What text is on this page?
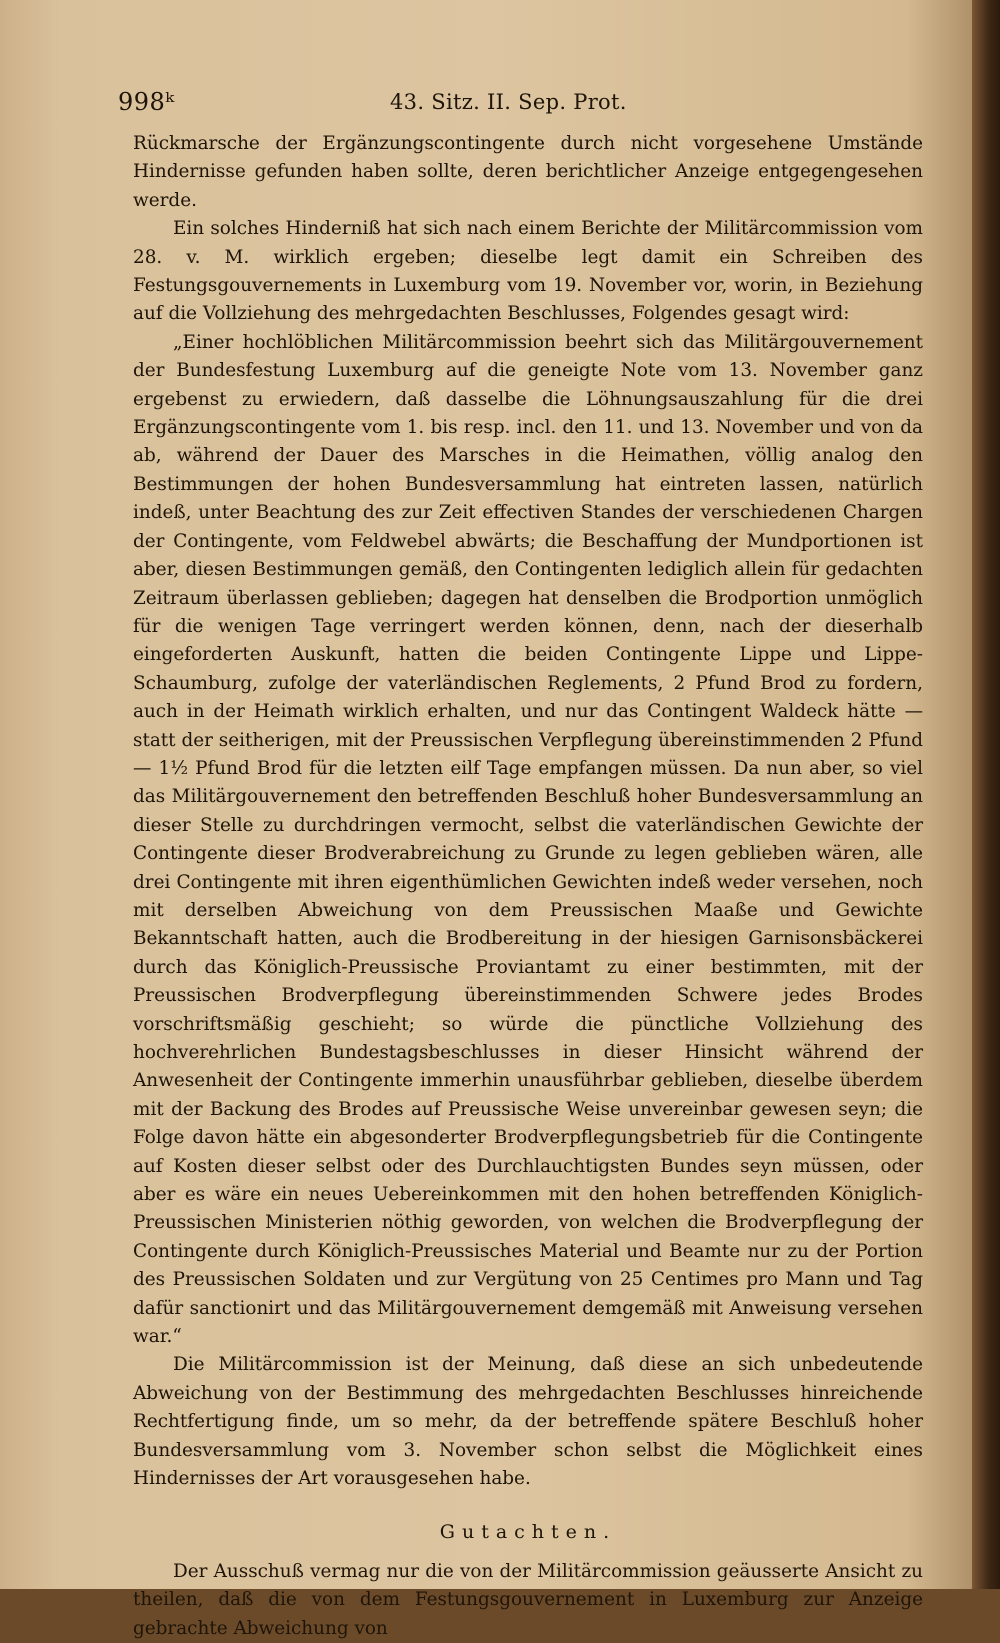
998ᵏ	43. Sitz. II. Sep. Prot.

Rückmarsche der Ergänzungscontingente durch nicht vorgesehene Umstände Hindernisse gefunden haben sollte, deren berichtlicher Anzeige entgegengesehen werde.

Ein solches Hinderniß hat sich nach einem Berichte der Militärcommission vom 28. v. M. wirklich ergeben; dieselbe legt damit ein Schreiben des Festungsgouvernements in Luxemburg vom 19. November vor, worin, in Beziehung auf die Vollziehung des mehrgedachten Beschlusses, Folgendes gesagt wird:

„Einer hochlöblichen Militärcommission beehrt sich das Militärgouvernement der Bundesfestung Luxemburg auf die geneigte Note vom 13. November ganz ergebenst zu erwiedern, daß dasselbe die Löhnungsauszahlung für die drei Ergänzungscontingente vom 1. bis resp. incl. den 11. und 13. November und von da ab, während der Dauer des Marsches in die Heimathen, völlig analog den Bestimmungen der hohen Bundesversammlung hat eintreten lassen, natürlich indeß, unter Beachtung des zur Zeit effectiven Standes der verschiedenen Chargen der Contingente, vom Feldwebel abwärts; die Beschaffung der Mundportionen ist aber, diesen Bestimmungen gemäß, den Contingenten lediglich allein für gedachten Zeitraum überlassen geblieben; dagegen hat denselben die Brodportion unmöglich für die wenigen Tage verringert werden können, denn, nach der dieserhalb eingeforderten Auskunft, hatten die beiden Contingente Lippe und Lippe-Schaumburg, zufolge der vaterländischen Reglements, 2 Pfund Brod zu fordern, auch in der Heimath wirklich erhalten, und nur das Contingent Waldeck hätte — statt der seitherigen, mit der Preussischen Verpflegung übereinstimmenden 2 Pfund — 1½ Pfund Brod für die letzten eilf Tage empfangen müssen. Da nun aber, so viel das Militärgouvernement den betreffenden Beschluß hoher Bundesversammlung an dieser Stelle zu durchdringen vermocht, selbst die vaterländischen Gewichte der Contingente dieser Brodverabreichung zu Grunde zu legen geblieben wären, alle drei Contingente mit ihren eigenthümlichen Gewichten indeß weder versehen, noch mit derselben Abweichung von dem Preussischen Maaße und Gewichte Bekanntschaft hatten, auch die Brodbereitung in der hiesigen Garnisonsbäckerei durch das Königlich-Preussische Proviantamt zu einer bestimmten, mit der Preussischen Brodverpflegung übereinstimmenden Schwere jedes Brodes vorschriftsmäßig geschieht; so würde die pünctliche Vollziehung des hochverehrlichen Bundestagsbeschlusses in dieser Hinsicht während der Anwesenheit der Contingente immerhin unausführbar geblieben, dieselbe überdem mit der Backung des Brodes auf Preussische Weise unvereinbar gewesen seyn; die Folge davon hätte ein abgesonderter Brodverpflegungsbetrieb für die Contingente auf Kosten dieser selbst oder des Durchlauchtigsten Bundes seyn müssen, oder aber es wäre ein neues Uebereinkommen mit den hohen betreffenden Königlich-Preussischen Ministerien nöthig geworden, von welchen die Brodverpflegung der Contingente durch Königlich-Preussisches Material und Beamte nur zu der Portion des Preussischen Soldaten und zur Vergütung von 25 Centimes pro Mann und Tag dafür sanctionirt und das Militärgouvernement demgemäß mit Anweisung versehen war.“

Die Militärcommission ist der Meinung, daß diese an sich unbedeutende Abweichung von der Bestimmung des mehrgedachten Beschlusses hinreichende Rechtfertigung finde, um so mehr, da der betreffende spätere Beschluß hoher Bundesversammlung vom 3. November schon selbst die Möglichkeit eines Hindernisses der Art vorausgesehen habe.

Gutachten.

Der Ausschuß vermag nur die von der Militärcommission geäusserte Ansicht zu theilen, daß die von dem Festungsgouvernement in Luxemburg zur Anzeige gebrachte Abweichung von
